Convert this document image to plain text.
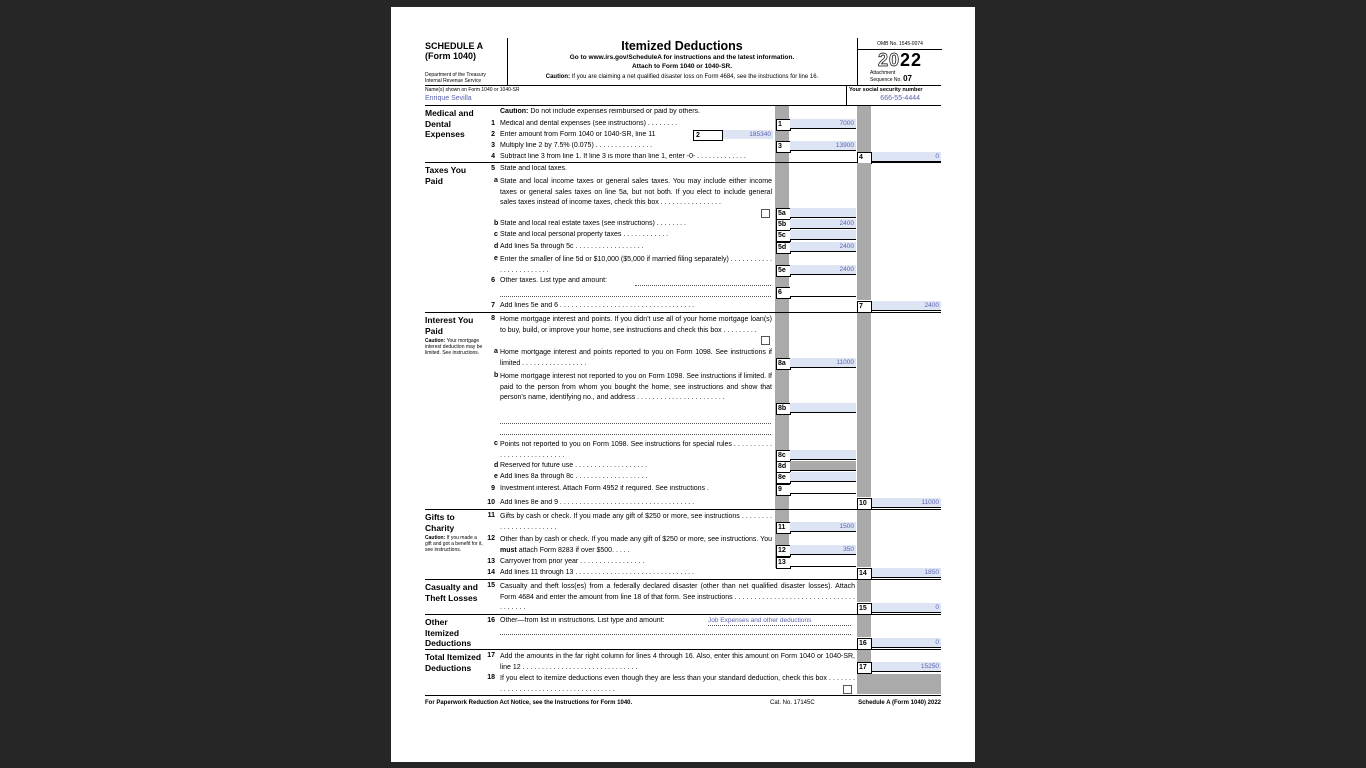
SCHEDULE A
(Form 1040)
Department of the Treasury
Internal Revenue Service
Itemized Deductions
Go to www.irs.gov/ScheduleA for instructions and the latest information.
Attach to Form 1040 or 1040-SR.
Caution: If you are claiming a net qualified disaster loss on Form 4684, see the instructions for line 16.
OMB No. 1545-0074
2022
Attachment
Sequence No. 07
Name(s) shown on Form 1040 or 1040-SR
Enrique Sevilla
Your social security number
666-55-4444
Medical and Dental Expenses
Caution: Do not include expenses reimbursed or paid by others.
1 Medical and dental expenses (see instructions) . . . . . . . .	1	7000
2 Enter amount from Form 1040 or 1040-SR, line 11	2	185340
3 Multiply line 2 by 7.5% (0.075) . . . . . . . . . . . . . . .	3	13900
4 Subtract line 3 from line 1. If line 3 is more than line 1, enter -0- . . . . . . . . . . . . .	4	0
Taxes You Paid
5 State and local taxes.
a State and local income taxes or general sales taxes. You may include either income taxes or general sales taxes on line 5a, but not both. If you elect to include general sales taxes instead of income taxes, check this box . . . . . . . . . . . . . . . .
5a
b State and local real estate taxes (see instructions) . . . . . . . .	5b	2400
c State and local personal property taxes . . . . . . . . . . . .	5c
d Add lines 5a through 5c . . . . . . . . . . . . . . . . . .	5d	2400
e Enter the smaller of line 5d or $10,000 ($5,000 if married filing separately) . . . . . . . . . . . . . . . . . . . . . . . .	5e	2400
6 Other taxes. List type and amount:
6
7 Add lines 5e and 6 . . . . . . . . . . . . . . . . . . . . . . . . . . . . . . . . . . .	7	2400
Interest You Paid
Caution: Your mortgage interest deduction may be limited. See instructions.
8 Home mortgage interest and points. If you didn't use all of your home mortgage loan(s) to buy, build, or improve your home, see instructions and check this box . . . . . . . . .
a Home mortgage interest and points reported to you on Form 1098. See instructions if limited . . . . . . . . . . . . . . . . .	8a	11000
b Home mortgage interest not reported to you on Form 1098. See instructions if limited. If paid to the person from whom you bought the home, see instructions and show that person's name, identifying no., and address . . . . . . . . . . . . . . . . . . . . . . .
8b
c Points not reported to you on Form 1098. See instructions for special rules . . . . . . . . . . . . . . . . . . . . . . . . . . .	8c
d Reserved for future use . . . . . . . . . . . . . . . . . . .	8d
e Add lines 8a through 8c . . . . . . . . . . . . . . . . . . .	8e
9 Investment interest. Attach Form 4952 if required. See instructions .	9
10 Add lines 8e and 9 . . . . . . . . . . . . . . . . . . . . . . . . . . . . . . . . . . .	10	11000
Gifts to Charity
Caution: If you made a gift and got a benefit for it, see instructions.
11 Gifts by cash or check. If you made any gift of $250 or more, see instructions . . . . . . . . . . . . . . . . . . . . . . .	11	1500
12 Other than by cash or check. If you made any gift of $250 or more, see instructions. You must attach Form 8283 if over $500. . . . .	12	350
13 Carryover from prior year . . . . . . . . . . . . . . . . .	13
14 Add lines 11 through 13 . . . . . . . . . . . . . . . . . . . . . . . . . . . . . . .	14	1850
Casualty and Theft Losses
15 Casualty and theft loss(es) from a federally declared disaster (other than net qualified disaster losses). Attach Form 4684 and enter the amount from line 18 of that form. See instructions . . . . . . . . . . . . . . . . . . . . . . . . . . . . . . . . . . . . . .	15	0
Other Itemized Deductions
16 Other—from list in instructions. List type and amount:	Job Expenses and other deductions
16	0
Total Itemized Deductions
17 Add the amounts in the far right column for lines 4 through 16. Also, enter this amount on Form 1040 or 1040-SR, line 12 . . . . . . . . . . . . . . . . . . . . . . . . . . . . . .	17	15250
18 If you elect to itemize deductions even though they are less than your standard deduction, check this box . . . . . . . . . . . . . . . . . . . . . . . . . . . . . . . . . . . . .
For Paperwork Reduction Act Notice, see the Instructions for Form 1040.	Cat. No. 17145C	Schedule A (Form 1040) 2022
